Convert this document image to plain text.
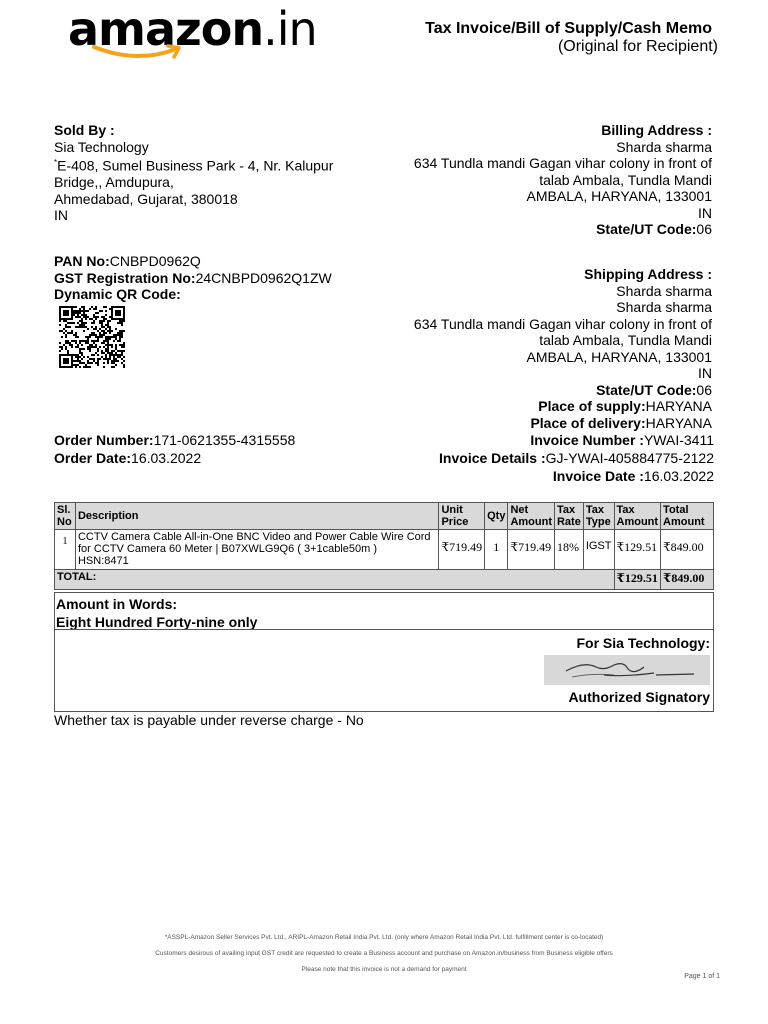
amazon.in	Tax Invoice/Bill of Supply/Cash Memo
(Original for Recipient)
Sold By :
Sia Technology
*E-408, Sumel Business Park - 4, Nr. Kalupur
Bridge,, Amdupura,
Ahmedabad, Gujarat, 380018
IN
Billing Address :
Sharda sharma
634 Tundla mandi Gagan vihar colony in front of
talab Ambala, Tundla Mandi
AMBALA, HARYANA, 133001
IN
State/UT Code:06
PAN No:CNBPD0962Q
GST Registration No:24CNBPD0962Q1ZW
Dynamic QR Code:
Shipping Address :
Sharda sharma
Sharda sharma
634 Tundla mandi Gagan vihar colony in front of
talab Ambala, Tundla Mandi
AMBALA, HARYANA, 133001
IN
State/UT Code:06
Place of supply:HARYANA
Place of delivery:HARYANA
Order Number:171-0621355-4315558
Order Date:16.03.2022
Invoice Number :YWAI-3411
Invoice Details :GJ-YWAI-405884775-2122
Invoice Date :16.03.2022
Sl. No	Description	Unit Price	Qty	Net Amount	Tax Rate	Tax Type	Tax Amount	Total Amount
1	CCTV Camera Cable All-in-One BNC Video and Power Cable Wire Cord for CCTV Camera 60 Meter | B07XWLG9Q6 ( 3+1cable50m )
HSN:8471	₹719.49	1	₹719.49	18%	IGST	₹129.51	₹849.00
TOTAL:							₹129.51	₹849.00
Amount in Words:
Eight Hundred Forty-nine only
For Sia Technology:
Authorized Signatory
Whether tax is payable under reverse charge - No
*ASSPL-Amazon Seller Services Pvt. Ltd., ARIPL-Amazon Retail India Pvt. Ltd. (only where Amazon Retail India Pvt. Ltd. fulfillment center is co-located)
Customers desirous of availing input GST credit are requested to create a Business account and purchase on Amazon.in/business from Business eligible offers
Please note that this invoice is not a demand for payment
Page 1 of 1
